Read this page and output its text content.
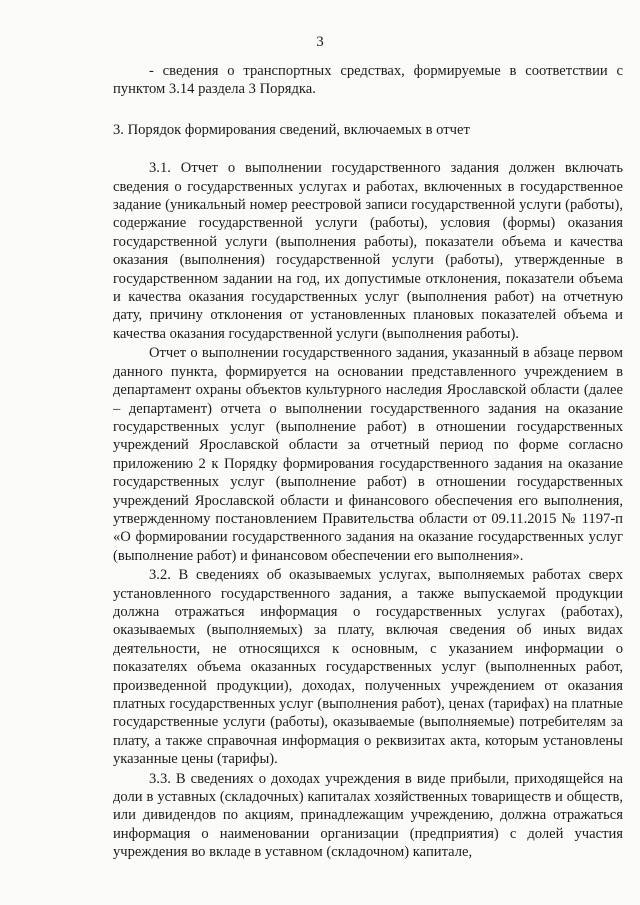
3

- сведения о транспортных средствах, формируемые в соответствии с пунктом 3.14 раздела 3 Порядка.

3. Порядок формирования сведений, включаемых в отчет

3.1. Отчет о выполнении государственного задания должен включать сведения о государственных услугах и работах, включенных в государственное задание (уникальный номер реестровой записи государственной услуги (работы), содержание государственной услуги (работы), условия (формы) оказания государственной услуги (выполнения работы), показатели объема и качества оказания (выполнения) государственной услуги (работы), утвержденные в государственном задании на год, их допустимые отклонения, показатели объема и качества оказания государственных услуг (выполнения работ) на отчетную дату, причину отклонения от установленных плановых показателей объема и качества оказания государственной услуги (выполнения работы).

Отчет о выполнении государственного задания, указанный в абзаце первом данного пункта, формируется на основании представленного учреждением в департамент охраны объектов культурного наследия Ярославской области (далее – департамент) отчета о выполнении государственного задания на оказание государственных услуг (выполнение работ) в отношении государственных учреждений Ярославской области за отчетный период по форме согласно приложению 2 к Порядку формирования государственного задания на оказание государственных услуг (выполнение работ) в отношении государственных учреждений Ярославской области и финансового обеспечения его выполнения, утвержденному постановлением Правительства области от 09.11.2015 № 1197-п «О формировании государственного задания на оказание государственных услуг (выполнение работ) и финансовом обеспечении его выполнения».

3.2. В сведениях об оказываемых услугах, выполняемых работах сверх установленного государственного задания, а также выпускаемой продукции должна отражаться информация о государственных услугах (работах), оказываемых (выполняемых) за плату, включая сведения об иных видах деятельности, не относящихся к основным, с указанием информации о показателях объема оказанных государственных услуг (выполненных работ, произведенной продукции), доходах, полученных учреждением от оказания платных государственных услуг (выполнения работ), ценах (тарифах) на платные государственные услуги (работы), оказываемые (выполняемые) потребителям за плату, а также справочная информация о реквизитах акта, которым установлены указанные цены (тарифы).

3.3. В сведениях о доходах учреждения в виде прибыли, приходящейся на доли в уставных (складочных) капиталах хозяйственных товариществ и обществ, или дивидендов по акциям, принадлежащим учреждению, должна отражаться информация о наименовании организации (предприятия) с долей участия учреждения во вкладе в уставном (складочном) капитале,
